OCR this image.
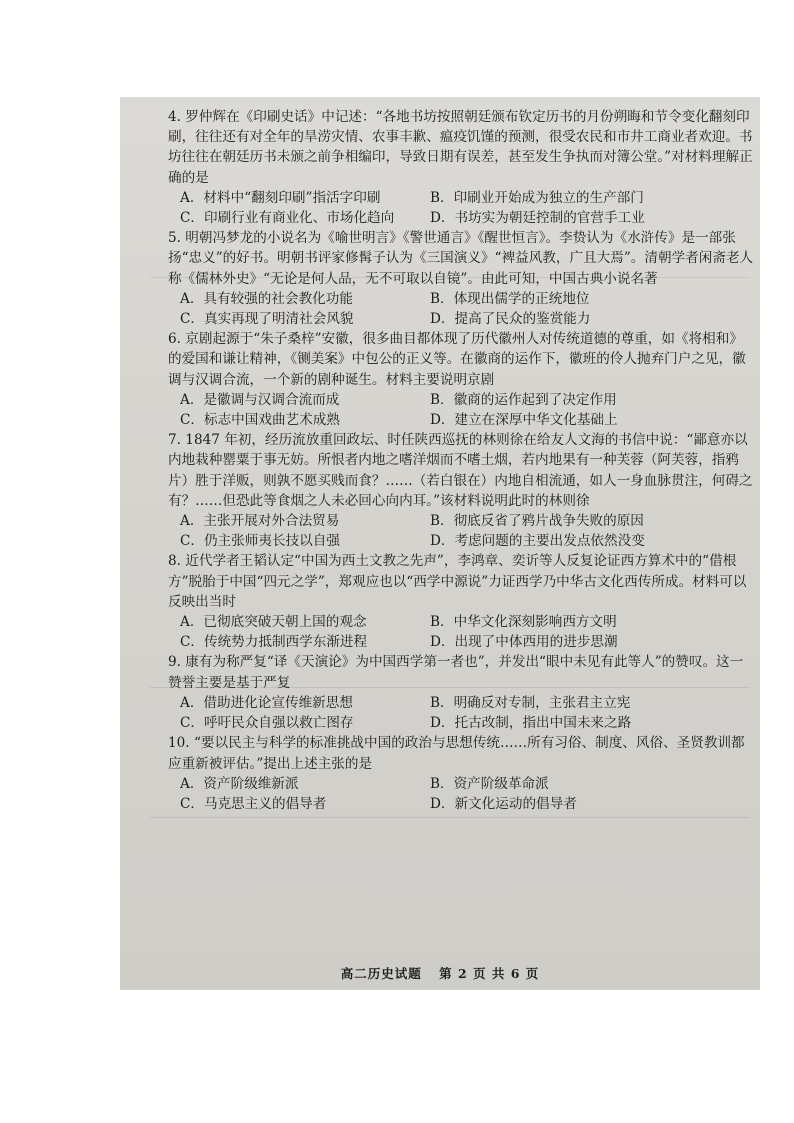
4. 罗仲辉在《印刷史话》中记述：“各地书坊按照朝廷颁布钦定历书的月份朔晦和节令变化翻刻印刷，往往还有对全年的旱涝灾情、农事丰歉、瘟疫饥馑的预测，很受农民和市井工商业者欢迎。书坊往往在朝廷历书未颁之前争相编印，导致日期有误差，甚至发生争执而对簿公堂。”对材料理解正确的是
A．材料中“翻刻印刷”指活字印刷	B．印刷业开始成为独立的生产部门
C．印刷行业有商业化、市场化趋向	D．书坊实为朝廷控制的官营手工业
5. 明朝冯梦龙的小说名为《喻世明言》《警世通言》《醒世恒言》。李贽认为《水浒传》是一部张扬“忠义”的好书。明朝书评家修髯子认为《三国演义》“裨益风教，广且大焉”。清朝学者闲斋老人称《儒林外史》“无论是何人品，无不可取以自镜”。由此可知，中国古典小说名著
A．具有较强的社会教化功能	B．体现出儒学的正统地位
C．真实再现了明清社会风貌	D．提高了民众的鉴赏能力
6. 京剧起源于“朱子桑梓”安徽，很多曲目都体现了历代徽州人对传统道德的尊重，如《将相和》的爱国和谦让精神，《铡美案》中包公的正义等。在徽商的运作下，徽班的伶人抛弃门户之见，徽调与汉调合流，一个新的剧种诞生。材料主要说明京剧
A．是徽调与汉调合流而成	B．徽商的运作起到了决定作用
C．标志中国戏曲艺术成熟	D．建立在深厚中华文化基础上
7. 1847 年初，经历流放重回政坛、时任陕西巡抚的林则徐在给友人文海的书信中说：“鄙意亦以内地栽种罂粟于事无妨。所恨者内地之嗜洋烟而不嗜土烟，若内地果有一种芙蓉（阿芙蓉，指鸦片）胜于洋贩，则孰不愿买贱而食？……（若白银在）内地自相流通，如人一身血脉贯注，何碍之有？……但恐此等食烟之人未必回心向内耳。”该材料说明此时的林则徐
A．主张开展对外合法贸易	B．彻底反省了鸦片战争失败的原因
C．仍主张师夷长技以自强	D．考虑问题的主要出发点依然没变
8. 近代学者王韬认定“中国为西土文教之先声”，李鸿章、奕䜣等人反复论证西方算术中的“借根方”脱胎于中国“四元之学”，郑观应也以“西学中源说”力证西学乃中华古文化西传所成。材料可以反映出当时
A．已彻底突破天朝上国的观念	B．中华文化深刻影响西方文明
C．传统势力抵制西学东渐进程	D．出现了中体西用的进步思潮
9. 康有为称严复“译《天演论》为中国西学第一者也”，并发出“眼中未见有此等人”的赞叹。这一赞誉主要是基于严复
A．借助进化论宣传维新思想	B．明确反对专制，主张君主立宪
C．呼吁民众自强以救亡图存	D．托古改制，指出中国未来之路
10. “要以民主与科学的标准挑战中国的政治与思想传统……所有习俗、制度、风俗、圣贤教训都应重新被评估。”提出上述主张的是
A．资产阶级维新派	B．资产阶级革命派
C．马克思主义的倡导者	D．新文化运动的倡导者
高二历史试题 第 2 页 共 6 页
